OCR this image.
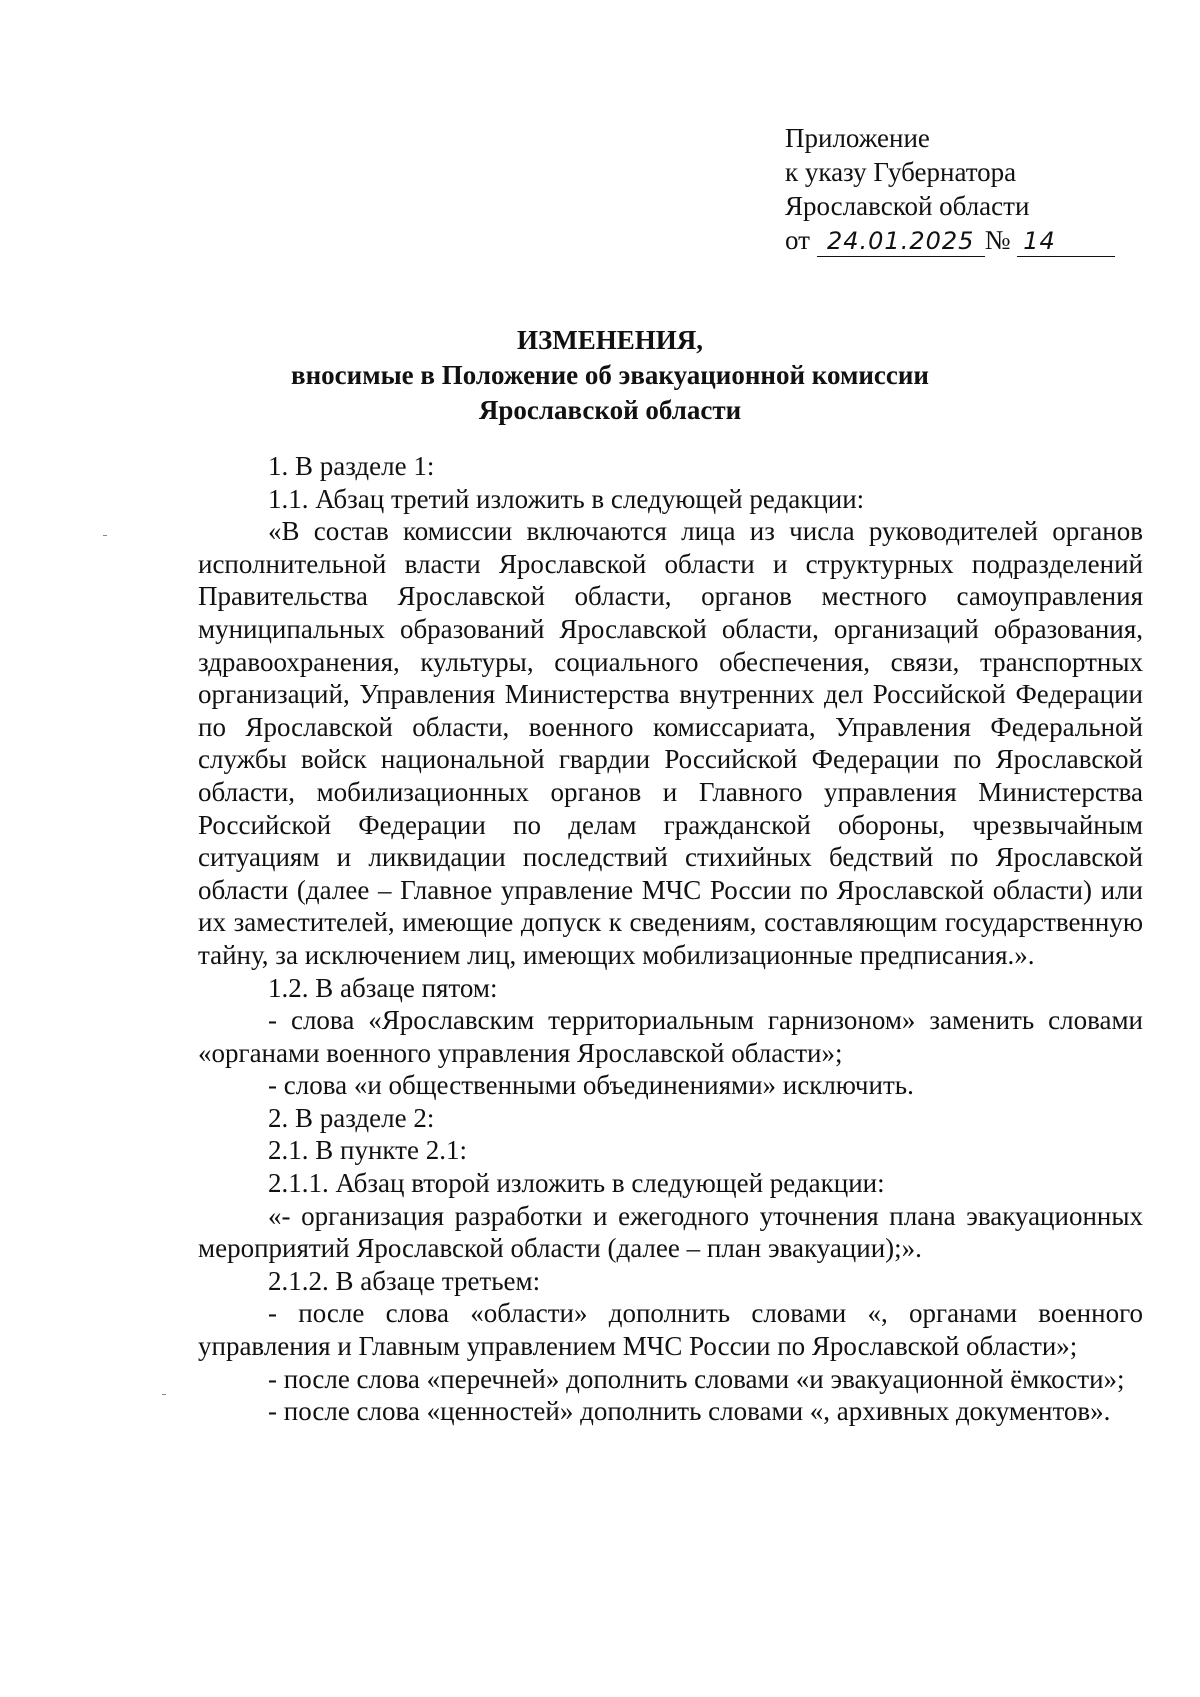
Приложение
к указу Губернатора
Ярославской области
от 24.01.2025 № 14
ИЗМЕНЕНИЯ,
вносимые в Положение об эвакуационной комиссии
Ярославской области

1. В разделе 1:

1.1. Абзац третий изложить в следующей редакции:

«В состав комиссии включаются лица из числа руководителей органов исполнительной власти Ярославской области и структурных подразделений Правительства Ярославской области, органов местного самоуправления муниципальных образований Ярославской области, организаций образования, здравоохранения, культуры, социального обеспечения, связи, транспортных организаций, Управления Министерства внутренних дел Российской Федерации по Ярославской области, военного комиссариата, Управления Федеральной службы войск национальной гвардии Российской Федерации по Ярославской области, мобилизационных органов и Главного управления Министерства Российской Федерации по делам гражданской обороны, чрезвычайным ситуациям и ликвидации последствий стихийных бедствий по Ярославской области (далее – Главное управление МЧС России по Ярославской области) или их заместителей, имеющие допуск к сведениям, составляющим государственную тайну, за исключением лиц, имеющих мобилизационные предписания.».

1.2. В абзаце пятом:

- слова «Ярославским территориальным гарнизоном» заменить словами «органами военного управления Ярославской области»;

- слова «и общественными объединениями» исключить.

2. В разделе 2:

2.1. В пункте 2.1:

2.1.1. Абзац второй изложить в следующей редакции:

«- организация разработки и ежегодного уточнения плана эвакуационных мероприятий Ярославской области (далее – план эвакуации);».

2.1.2. В абзаце третьем:

- после слова «области» дополнить словами «, органами военного управления и Главным управлением МЧС России по Ярославской области»;

- после слова «перечней» дополнить словами «и эвакуационной ёмкости»;

- после слова «ценностей» дополнить словами «, архивных документов».
